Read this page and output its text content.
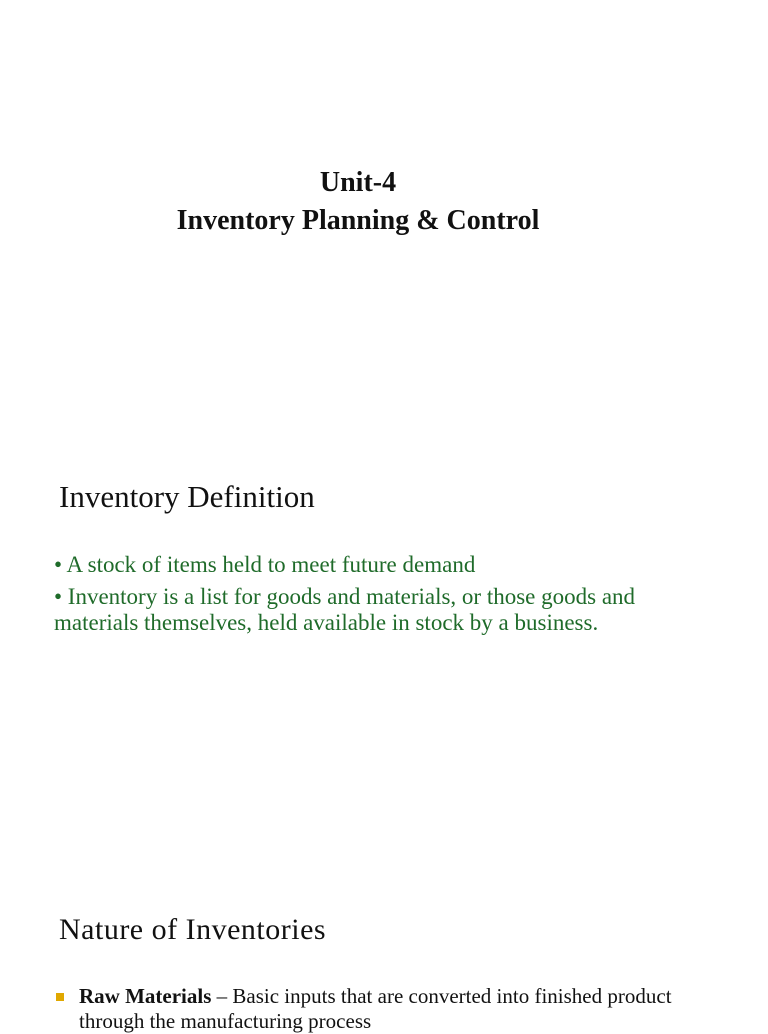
Unit-4
Inventory Planning & Control
Inventory Definition
• A stock of items held to meet future demand
• Inventory is a list for goods and materials, or those goods and materials themselves, held available in stock by a business.
Nature of Inventories
Raw Materials – Basic inputs that are converted into finished product through the manufacturing process
